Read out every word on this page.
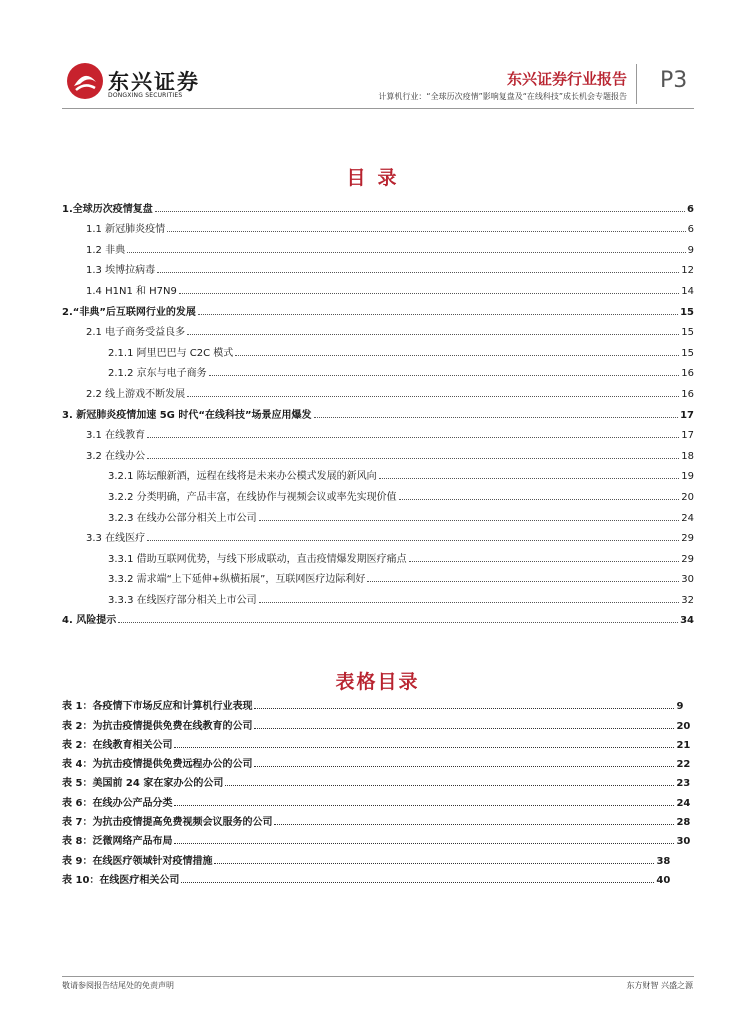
东兴证券
DONGXING SECURITIES
东兴证券行业报告
计算机行业：“全球历次疫情”影响复盘及“在线科技”成长机会专题报告
P3
目录
1.全球历次疫情复盘	6
1.1 新冠肺炎疫情	6
1.2 非典	9
1.3 埃博拉病毒	12
1.4 H1N1 和 H7N9	14
2.“非典”后互联网行业的发展	15
2.1 电子商务受益良多	15
2.1.1 阿里巴巴与 C2C 模式	15
2.1.2 京东与电子商务	16
2.2 线上游戏不断发展	16
3. 新冠肺炎疫情加速 5G 时代“在线科技”场景应用爆发	17
3.1 在线教育	17
3.2 在线办公	18
3.2.1 陈坛酿新酒，远程在线将是未来办公模式发展的新风向	19
3.2.2 分类明确，产品丰富，在线协作与视频会议或率先实现价值	20
3.2.3 在线办公部分相关上市公司	24
3.3 在线医疗	29
3.3.1 借助互联网优势，与线下形成联动，直击疫情爆发期医疗痛点	29
3.3.2 需求端“上下延伸+纵横拓展”，互联网医疗边际利好	30
3.3.3 在线医疗部分相关上市公司	32
4. 风险提示	34
表格目录
表 1：各疫情下市场反应和计算机行业表现	9
表 2：为抗击疫情提供免费在线教育的公司	20
表 2：在线教育相关公司	21
表 4：为抗击疫情提供免费远程办公的公司	22
表 5：美国前 24 家在家办公的公司	23
表 6：在线办公产品分类	24
表 7：为抗击疫情提高免费视频会议服务的公司	28
表 8：泛微网络产品布局	30
表 9：在线医疗领域针对疫情措施	38
表 10：在线医疗相关公司	40
敬请参阅报告结尾处的免责声明	东方财智 兴盛之源
